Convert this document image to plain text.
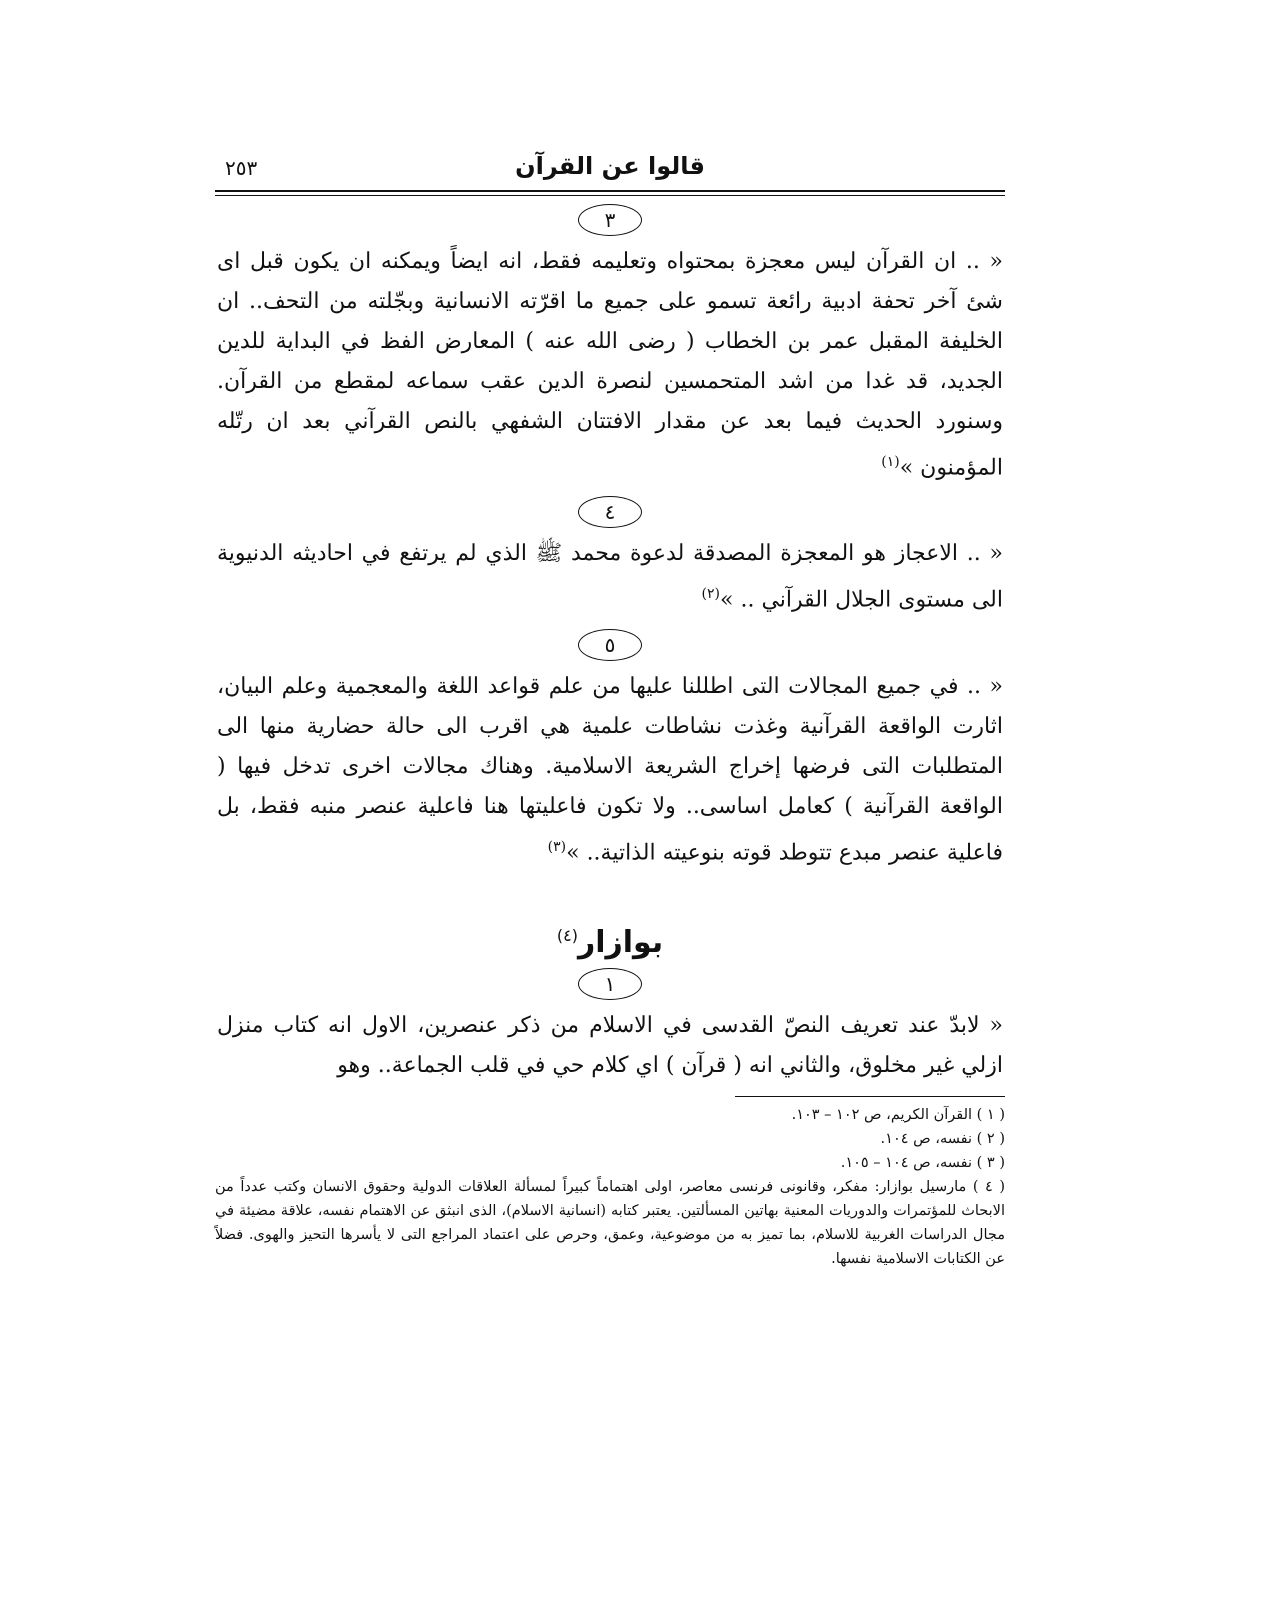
قالوا عن القرآن
٢٥٣
٣

« .. ان القرآن ليس معجزة بمحتواه وتعليمه فقط، انه ايضاً ويمكنه ان يكون قبل اى شئ آخر تحفة ادبية رائعة تسمو على جميع ما اقرّته الانسانية وبجّلته من التحف.. ان الخليفة المقبل عمر بن الخطاب ( رضى الله عنه ) المعارض الفظ في البداية للدين الجديد، قد غدا من اشد المتحمسين لنصرة الدين عقب سماعه لمقطع من القرآن. وسنورد الحديث فيما بعد عن مقدار الافتتان الشفهي بالنص القرآني بعد ان رتّله المؤمنون »$^{(١)}$

٤

« .. الاعجاز هو المعجزة المصدقة لدعوة محمد ﷺ الذي لم يرتفع في احاديثه الدنيوية الى مستوى الجلال القرآني .. »$^{(٢)}$

٥

« .. في جميع المجالات التى اطللنا عليها من علم قواعد اللغة والمعجمية وعلم البيان، اثارت الواقعة القرآنية وغذت نشاطات علمية هي اقرب الى حالة حضارية منها الى المتطلبات التى فرضها إخراج الشريعة الاسلامية. وهناك مجالات اخرى تدخل فيها ( الواقعة القرآنية ) كعامل اساسى.. ولا تكون فاعليتها هنا فاعلية عنصر منبه فقط، بل فاعلية عنصر مبدع تتوطد قوته بنوعيته الذاتية.. »$^{(٣)}$

بوازار$^{(٤)}$
١

« لابدّ عند تعريف النصّ القدسى في الاسلام من ذكر عنصرين، الاول انه كتاب منزل ازلي غير مخلوق، والثاني انه ( قرآن ) اي كلام حي في قلب الجماعة.. وهو

( ١ ) القرآن الكريم، ص ١٠٢ – ١٠٣.

( ٢ ) نفسه، ص ١٠٤.

( ٣ ) نفسه، ص ١٠٤ – ١٠٥.

( ٤ ) مارسيل بوازار: مفكر، وقانونى فرنسى معاصر، اولى اهتماماً كبيراً لمسألة العلاقات الدولية وحقوق الانسان وكتب عدداً من الابحاث للمؤتمرات والدوريات المعنية بهاتين المسألتين. يعتبر كتابه (انسانية الاسلام)، الذى انبثق عن الاهتمام نفسه، علاقة مضيئة في مجال الدراسات الغربية للاسلام، بما تميز به من موضوعية، وعمق، وحرص على اعتماد المراجع التى لا يأسرها التحيز والهوى. فضلاً عن الكتابات الاسلامية نفسها.
